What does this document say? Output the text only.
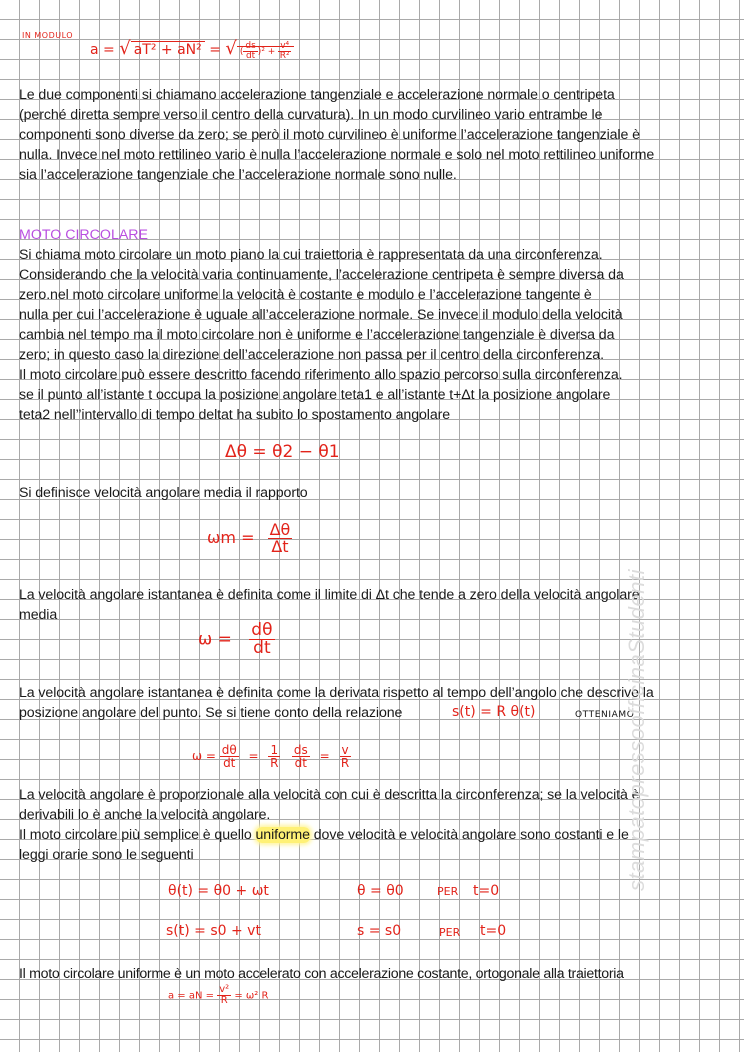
IN MODULO
a = √ aT² + aN² = √ ( $\frac{ds}{dt} )^2 + \frac{\text{v⁴}}{\text{R²}}$
Le due componenti si chiamano accelerazione tangenziale e accelerazione normale o centripeta
(perché diretta sempre verso il centro della curvatura). In un modo curvilineo vario entrambe le
componenti sono diverse da zero; se però il moto curvilineo è uniforme l’accelerazione tangenziale è
nulla. Invece nel moto rettilineo vario è nulla l’accelerazione normale e solo nel moto rettilineo uniforme
sia l’accelerazione tangenziale che l’accelerazione normale sono nulle.
MOTO CIRCOLARE
Si chiama moto circolare un moto piano la cui traiettoria è rappresentata da una circonferenza.
Considerando che la velocità varia continuamente, l’accelerazione centripeta è sempre diversa da
zero.nel moto circolare uniforme la velocità è costante e modulo e l’accelerazione tangente è
nulla per cui l’accelerazione è uguale all’accelerazione normale. Se invece il modulo della velocità
cambia nel tempo ma il moto circolare non è uniforme e l’accelerazione tangenziale è diversa da
zero; in questo caso la direzione dell’accelerazione non passa per il centro della circonferenza.
Il moto circolare può essere descritto facendo riferimento allo spazio percorso sulla circonferenza.
se il punto all’istante t occupa la posizione angolare teta1 e all’istante t+Δt la posizione angolare
teta2 nell’’intervallo di tempo deltat ha subito lo spostamento angolare
Δθ = θ2 − θ1
Si definisce velocità angolare media il rapporto
$\omega m = \frac{\Delta\theta}{\Delta t}$
La velocità angolare istantanea è definita come il limite di Δt che tende a zero della velocità angolare
media
$\omega = \frac{d\theta}{dt}$
La velocità angolare istantanea è definita come la derivata rispetto al tempo dell’angolo che descrive la
posizione angolare del punto. Se si tiene conto della relazione	s(t) = R θ(t)	OTTENIAMO
$\omega = \frac{d\theta}{dt} = \frac{1}{R}$
$\frac{ds}{dt} = \frac{v}{R}$
La velocità angolare è proporzionale alla velocità con cui è descritta la circonferenza; se la velocità è
derivabili lo è anche la velocità angolare.
Il moto circolare più semplice è quello uniforme dove velocità e velocità angolare sono costanti e le
leggi orarie sono le seguenti
θ(t) = θ0 + ωt	θ = θ0	PER t=0
s(t) = s0 + vt	s = s0	PER t=0
Il moto circolare uniforme è un moto accelerato con accelerazione costante, ortogonale alla traiettoria
a = aN = $\frac{\text{v²}}{R} = \omega^2$ R
stampatopressoofficinaStudenti
